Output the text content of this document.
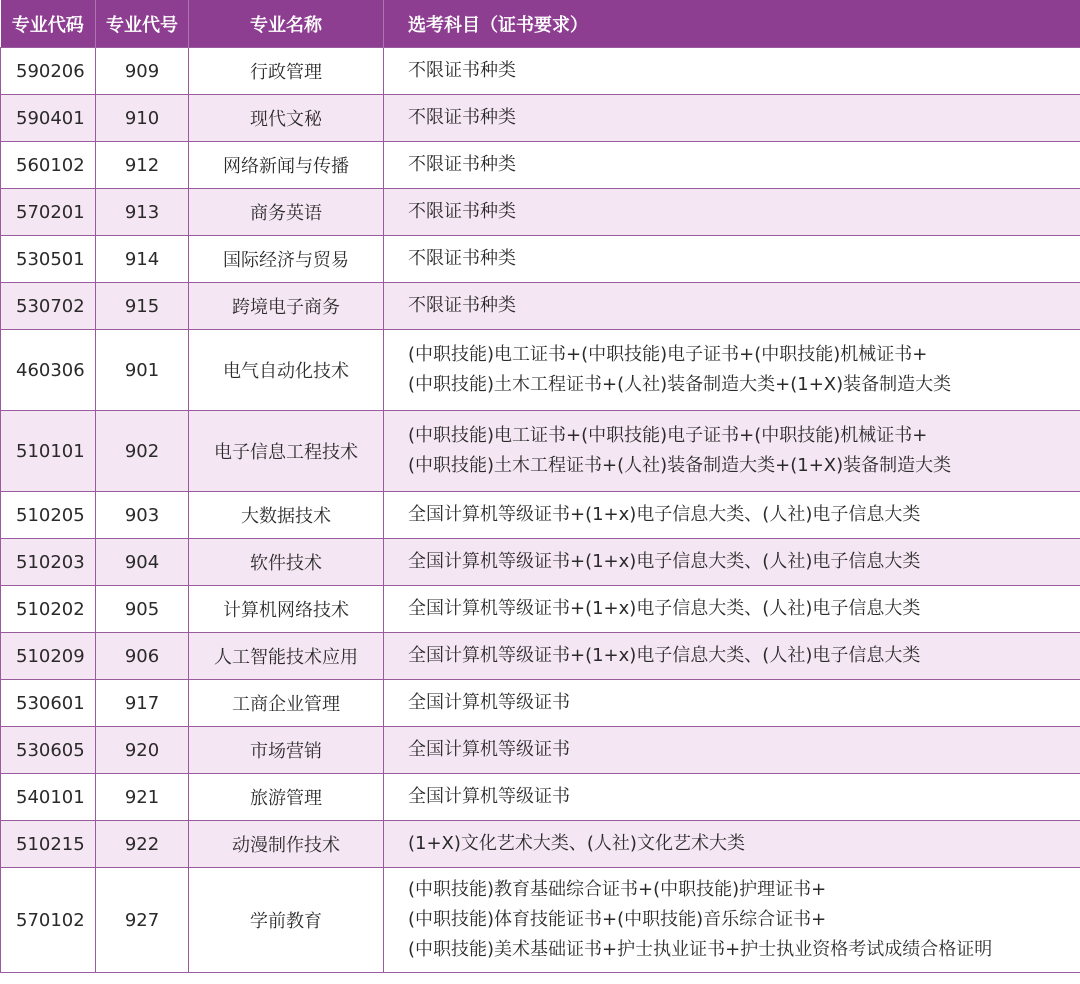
专业代码	专业代号	专业名称	选考科目（证书要求）
590206	909	行政管理	不限证书种类

590401	910	现代文秘	不限证书种类

560102	912	网络新闻与传播	不限证书种类

570201	913	商务英语	不限证书种类

530501	914	国际经济与贸易	不限证书种类

530702	915	跨境电子商务	不限证书种类

460306	901	电气自动化技术	(中职技能)电工证书+(中职技能)电子证书+(中职技能)机械证书+
(中职技能)土木工程证书+(人社)装备制造大类+(1+X)装备制造大类

510101	902	电子信息工程技术	(中职技能)电工证书+(中职技能)电子证书+(中职技能)机械证书+
(中职技能)土木工程证书+(人社)装备制造大类+(1+X)装备制造大类

510205	903	大数据技术	全国计算机等级证书+(1+x)电子信息大类、(人社)电子信息大类

510203	904	软件技术	全国计算机等级证书+(1+x)电子信息大类、(人社)电子信息大类

510202	905	计算机网络技术	全国计算机等级证书+(1+x)电子信息大类、(人社)电子信息大类

510209	906	人工智能技术应用	全国计算机等级证书+(1+x)电子信息大类、(人社)电子信息大类

530601	917	工商企业管理	全国计算机等级证书

530605	920	市场营销	全国计算机等级证书

540101	921	旅游管理	全国计算机等级证书

510215	922	动漫制作技术	(1+X)文化艺术大类、(人社)文化艺术大类

570102	927	学前教育	(中职技能)教育基础综合证书+(中职技能)护理证书+
(中职技能)体育技能证书+(中职技能)音乐综合证书+
(中职技能)美术基础证书+护士执业证书+护士执业资格考试成绩合格证明
